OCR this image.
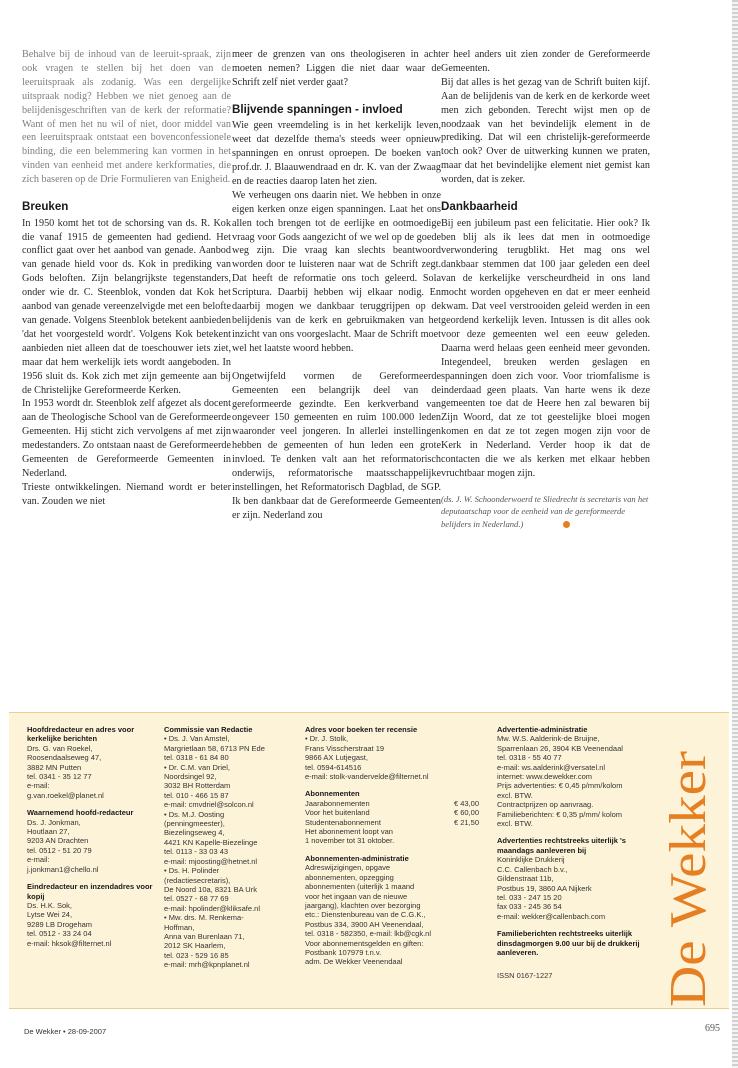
Behalve bij de inhoud van de leeruit-spraak, zijn ook vragen te stellen bij het doen van de leeruitspraak als zodanig. Was een dergelijke uitspraak nodig? Hebben we niet genoeg aan de belijdenisgeschriften van de kerk der reformatie? Want of men het nu wil of niet, door middel van een leeruitspraak ontstaat een bovenconfessionele binding, die een belemmering kan vormen in het vinden van eenheid met andere kerkformaties, die zich baseren op de Drie Formulieren van Enigheid.

Breuken

In 1950 komt het tot de schorsing van ds. R. Kok die vanaf 1915 de gemeenten had gediend. Het conflict gaat over het aanbod van genade. Aanbod van genade hield voor ds. Kok in prediking van Gods beloften. Zijn belangrijkste tegenstanders, onder wie dr. C. Steenblok, vonden dat Kok het aanbod van genade vereenzelvigde met een belofte van genade. Volgens Steenblok betekent aanbieden 'dat het voorgesteld wordt'. Volgens Kok betekent aanbieden niet alleen dat de toeschouwer iets ziet, maar dat hem werkelijk iets wordt aangeboden. In 1956 sluit ds. Kok zich met zijn gemeente aan bij de Christelijke Gereformeerde Kerken.

In 1953 wordt dr. Steenblok zelf afgezet als docent aan de Theologische School van de Gereformeerde Gemeenten. Hij sticht zich vervolgens af met zijn medestanders. Zo ontstaan naast de Gereformeerde Gemeenten de Gereformeerde Gemeenten in Nederland.

Trieste ontwikkelingen. Niemand wordt er beter van. Zouden we niet

meer de grenzen van ons theologiseren in acht moeten nemen? Liggen die niet daar waar de Schrift zelf niet verder gaat?

Blijvende spanningen - invloed

Wie geen vreemdeling is in het kerkelijk leven, weet dat dezelfde thema's steeds weer opnieuw spanningen en onrust oproepen. De boeken van prof.dr. J. Blaauwendraad en dr. K. van der Zwaag en de reacties daarop laten het zien.

We verheugen ons daarin niet. We hebben in onze eigen kerken onze eigen spanningen. Laat het ons allen toch brengen tot de eerlijke en ootmoedige vraag voor Gods aangezicht of we wel op de goede weg zijn. Die vraag kan slechts beantwoord worden door te luisteren naar wat de Schrift zegt. Dat heeft de reformatie ons toch geleerd. Sola Scriptura. Daarbij hebben wij elkaar nodig. En daarbij mogen we dankbaar teruggrijpen op de belijdenis van de kerk en gebruikmaken van het inzicht van ons voorgeslacht. Maar de Schrift moet wel het laatste woord hebben.

Ongetwijfeld vormen de Gereformeerde Gemeenten een belangrijk deel van de gereformeerde gezindte. Een kerkverband van ongeveer 150 gemeenten en ruim 100.000 leden waaronder veel jongeren. In allerlei instellingen hebben de gemeenten of hun leden een grote invloed. Te denken valt aan het reformatorisch onderwijs, reformatorische maatsschappelijke instellingen, het Reformatorisch Dagblad, de SGP. Ik ben dankbaar dat de Gereformeerde Gemeenten er zijn. Nederland zou

er heel anders uit zien zonder de Gereformeerde Gemeenten.

Bij dat alles is het gezag van de Schrift buiten kijf. Aan de belijdenis van de kerk en de kerkorde weet men zich gebonden. Terecht wijst men op de noodzaak van het bevindelijk element in de prediking. Dat wil een christelijk-gereformeerde toch ook? Over de uitwerking kunnen we praten, maar dat het bevindelijke element niet gemist kan worden, dat is zeker.

Dankbaarheid

Bij een jubileum past een felicitatie. Hier ook? Ik ben blij als ik lees dat men in ootmoedige verwondering terugblikt. Het mag ons wel dankbaar stemmen dat 100 jaar geleden een deel van de kerkelijke verscheurdheid in ons land mocht worden opgeheven en dat er meer eenheid kwam. Dat veel verstrooiden geleid werden in een geordend kerkelijk leven. Intussen is dit alles ook voor deze gemeenten wel een eeuw geleden. Daarna werd helaas geen eenheid meer gevonden. Integendeel, breuken werden geslagen en spanningen doen zich voor. Voor triomfalisme is inderdaad geen plaats. Van harte wens ik deze gemeenten toe dat de Heere hen zal bewaren bij Zijn Woord, dat ze tot geestelijke bloei mogen komen en dat ze tot zegen mogen zijn voor de Kerk in Nederland. Verder hoop ik dat de contacten die we als kerken met elkaar hebben vruchtbaar mogen zijn.

(ds. J. W. Schoonderwoerd te Sliedrecht is secretaris van het deputaatschap voor de eenheid van de gereformeerde belijders in Nederland.)

Hoofdredacteur en adres voor kerkelijke berichten
Drs. G. van Roekel,
Roosendaalseweg 47,
3882 MN Putten
tel. 0341 - 35 12 77
e-mail:
g.van.roekel@planet.nl
Waarnemend hoofd-redacteur
Ds. J. Jonkman,
Houtlaan 27,
9203 AN Drachten
tel. 0512 - 51 20 79
e-mail:
j.jonkman1@chello.nl
Eindredacteur en inzendadres voor kopij
Ds. H.K. Sok,
Lytse Wei 24,
9289 LB Drogeham
tel. 0512 - 33 24 04
e-mail: hksok@filternet.nl
Commissie van Redactie
• Ds. J. Van Amstel,
Margrietlaan 58, 6713 PN Ede
tel. 0318 - 61 84 80
• Dr. C.M. van Driel,
Noordsingel 92,
3032 BH Rotterdam
tel. 010 - 466 15 87
e-mail: cmvdriel@solcon.nl
• Ds. M.J. Oosting
(penningmeester),
Biezelingseweg 4,
4421 KN Kapelle-Biezelinge
tel. 0113 - 33 03 43
e-mail: mjoosting@hetnet.nl
• Ds. H. Polinder
(redactiesecretaris),
De Noord 10a, 8321 BA Urk
tel. 0527 - 68 77 69
e-mail: hpolinder@kliksafe.nl
• Mw. drs. M. Renkema-
Hoffman,
Anna van Burenlaan 71,
2012 SK Haarlem,
tel. 023 - 529 16 85
e-mail: mrh@kpnplanet.nl
Adres voor boeken ter recensie
• Dr. J. Stolk,
Frans Visscherstraat 19
9866 AX Lutjegast,
tel. 0594-614516
e-mail: stolk-vandervelde@filternet.nl
Abonnementen
Jaarabonnementen	€ 43,00
Voor het buitenland	€ 60,00
Studentenabonnement	€ 21,50
Het abonnement loopt van
1 november tot 31 oktober.
Abonnementen-administratie
Adreswijzigingen, opgave
abonnementen, opzegging
abonnementen (uiterlijk 1 maand
voor het ingaan van de nieuwe
jaargang), klachten over bezorging
etc.: Dienstenbureau van de C.G.K.,
Postbus 334, 3900 AH Veenendaal,
tel. 0318 - 582350, e-mail: lkb@cgk.nl
Voor abonnementsgelden en giften:
Postbank 107979 t.n.v.
adm. De Wekker Veenendaal
Advertentie-administratie
Mw. W.S. Aalderink-de Bruijne,
Sparrenlaan 26, 3904 KB Veenendaal
tel. 0318 - 55 40 77
e-mail: ws.aalderink@versatel.nl
internet: www.dewekker.com
Prijs advertenties: € 0,45 p/mm/kolom
excl. BTW.
Contractprijzen op aanvraag.
Familieberichten: € 0,35 p/mm/ kolom
excl. BTW.
Advertenties rechtstreeks uiterlijk 's maandags aanleveren bij
Koninklijke Drukkerij
C.C. Callenbach b.v.,
Gildenstraat 11b,
Postbus 19, 3860 AA Nijkerk
tel. 033 - 247 15 20
fax 033 - 245 36 54
e-mail: wekker@callenbach.com
Familieberichten rechtstreeks uiterlijk dinsdagmorgen 9.00 uur bij de drukkerij aanleveren.
ISSN 0167-1227	De Wekker
De Wekker • 28-09-2007	695
